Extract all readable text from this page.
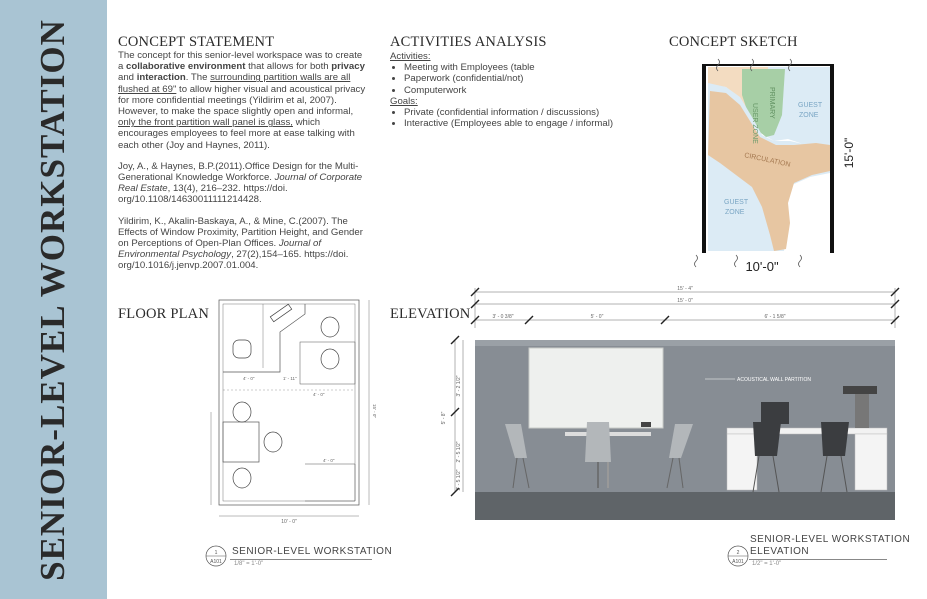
SENIOR-LEVEL WORKSTATION	CONCEPT STATEMENT

The concept for this senior-level workspace was to create a collaborative environment that allows for both privacy and interaction. The surrounding partition walls are all flushed at 69" to allow higher visual and acoustical privacy for more confidential meetings (Yildirim et al, 2007). However, to make the space slightly open and informal, only the front partition wall panel is glass, which encourages employees to feel more at ease talking with each other (Joy and Haynes, 2011).

Joy, A., & Haynes, B.P.(2011).Office Design for the Multi-Generational Knowledge Workforce. Journal of Corporate Real Estate, 13(4), 216–232. https://doi. org/10.1108/14630011111214428.

Yildirim, K., Akalin-Baskaya, A., & Mine, C.(2007). The Effects of Window Proximity, Partition Height, and Gender on Perceptions of Open-Plan Offices. Journal of Environmental Psychology, 27(2),154–165. https://doi. org/10.1016/j.jenvp.2007.01.004.

ACTIVITIES ANALYSIS
Activities:
• Meeting with Employees (table
• Paperwork (confidential/not)
• Computerwork
Goals:
• Private (confidential information / discussions)
• Interactive (Employees able to engage / informal)
CONCEPT SKETCH
USER ZONE
PRIMARY	GUEST
ZONE
CIRCULATION
GUEST
ZONE
15'-0"
10'-0"
FLOOR PLAN
4' - 0"	1' - 11"
4' - 0"
4' - 0"
15' - 0"
10' - 0"
1
A101
SENIOR-LEVEL WORKSTATION
1/8" = 1'-0"
ELEVATION
15' - 4"
15' - 0"
3' - 0 3/8"	5' - 0"	6' - 1 5/8"
5' - 8"
3' - 2 1/2"
2' - 5 1/2"
2' - 5 1/2"
ACOUSTICAL WALL PARTITION
2
A101
SENIOR-LEVEL WORKSTATION
ELEVATION
1/2" = 1'-0"
